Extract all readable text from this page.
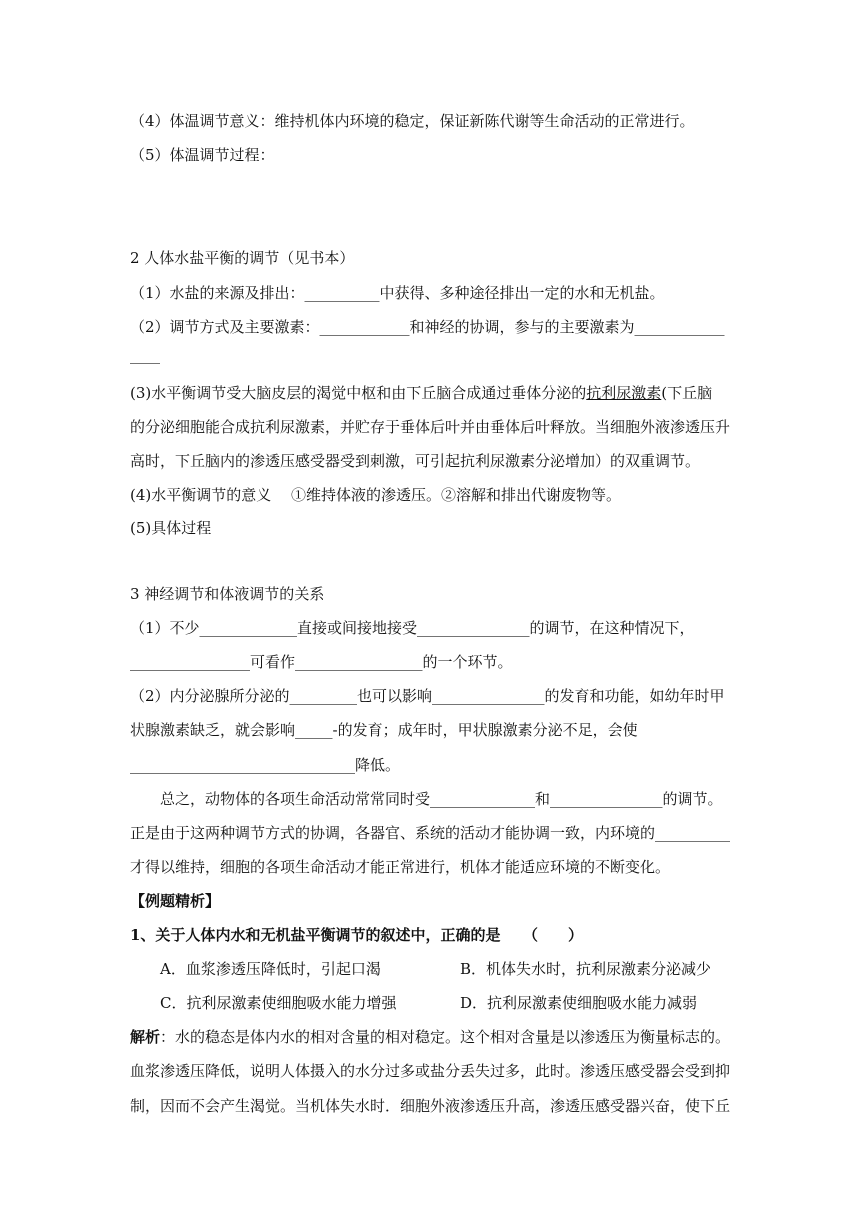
（4）体温调节意义：维持机体内环境的稳定，保证新陈代谢等生命活动的正常进行。
（5）体温调节过程：
2 人体水盐平衡的调节（见书本）
（1）水盐的来源及排出：__________中获得、多种途径排出一定的水和无机盐。
（2）调节方式及主要激素：____________和神经的协调，参与的主要激素为____________
____
(3)水平衡调节受大脑皮层的渴觉中枢和由下丘脑合成通过垂体分泌的抗利尿激素(下丘脑
的分泌细胞能合成抗利尿激素，并贮存于垂体后叶并由垂体后叶释放。当细胞外液渗透压升
高时，下丘脑内的渗透压感受器受到刺激，可引起抗利尿激素分泌增加）的双重调节。
(4)水平衡调节的意义　 ①维持体液的渗透压。②溶解和排出代谢废物等。
(5)具体过程
3 神经调节和体液调节的关系
（1）不少_____________直接或间接地接受_______________的调节，在这种情况下，
________________可看作_________________的一个环节。
（2）内分泌腺所分泌的_________也可以影响_______________的发育和功能，如幼年时甲
状腺激素缺乏，就会影响_____-的发育；成年时，甲状腺激素分泌不足，会使
______________________________降低。
　　总之，动物体的各项生命活动常常同时受______________和_______________的调节。
正是由于这两种调节方式的协调，各器官、系统的活动才能协调一致，内环境的__________
才得以维持，细胞的各项生命活动才能正常进行，机体才能适应环境的不断变化。
【例题精析】
1、关于人体内水和无机盐平衡调节的叙述中，正确的是　　（　　）
A．血浆渗透压降低时，引起口渴	B．机体失水时，抗利尿激素分泌减少
C．抗利尿激素使细胞吸水能力增强	D．抗利尿激素使细胞吸水能力减弱
解析：水的稳态是体内水的相对含量的相对稳定。这个相对含量是以渗透压为衡量标志的。
血浆渗透压降低，说明人体摄入的水分过多或盐分丢失过多，此时。渗透压感受器会受到抑
制，因而不会产生渴觉。当机体失水时．细胞外液渗透压升高，渗透压感受器兴奋，使下丘
